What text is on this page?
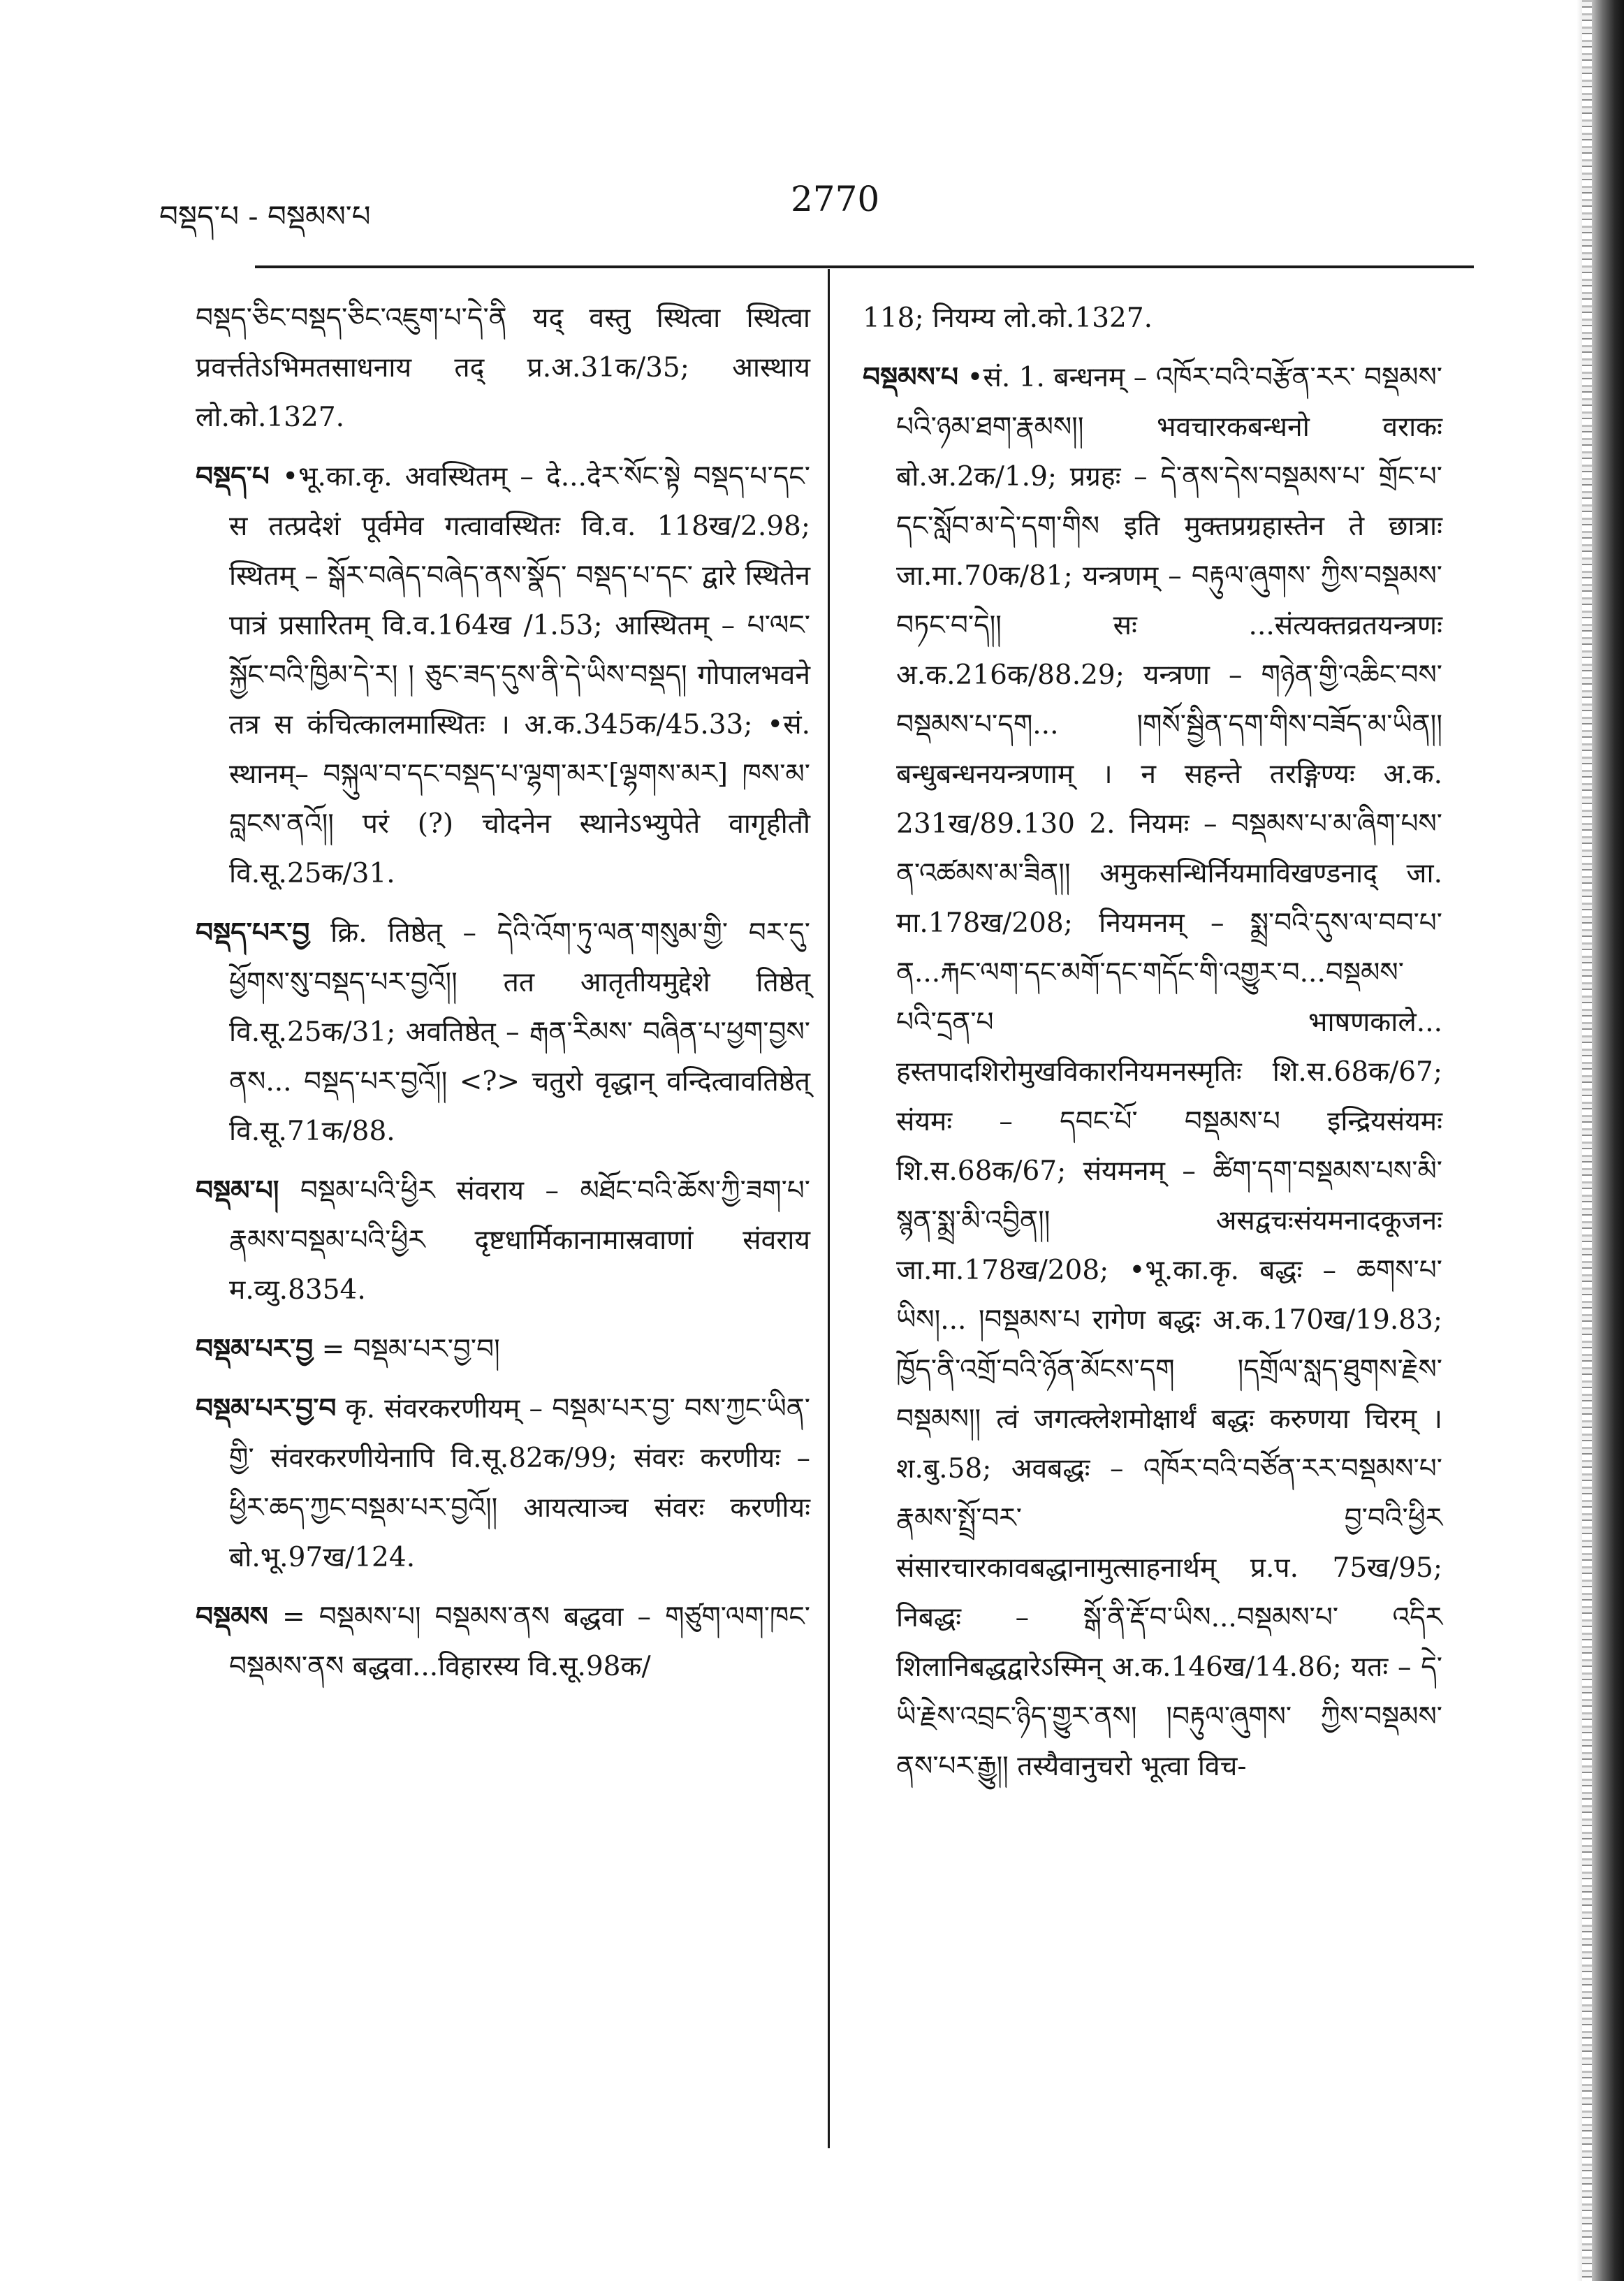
བསྡད་པ - བསྡམས་པ	2770

བསྡད་ཅིང་བསྡད་ཅིང་འཇུག་པ་དེ་ནི यद् वस्तु स्थित्वा स्थित्वा प्रवर्त्ततेऽभिमतसाधनाय तद् प्र.अ.31क/35; आस्थाय लो.को.1327.

བསྡད་པ •भू.का.कृ. अवस्थितम् – दे...देར་སོང་སྟེ བསྡད་པ་དང་ स तत्प्रदेशं पूर्वमेव गत्वावस्थितः वि.व. 118ख/2.98; स्थितम् – སྒོར་བཞེད་བཞེད་ནས་སྣོད་ བསྡད་པ་དང་ द्वारे स्थितेन पात्रं प्रसारितम् वि.व.164ख /1.53; आस्थितम् – པ་ལང་སྐྱོང་བའི་ཁྱིམ་དེ་ར། ། ཅུང་ཟད་དུས་ནི་དེ་ཡིས་བསྡད། गोपालभवने तत्र स कंचित्कालमास्थितः । अ.क.345क/45.33; •सं. स्थानम्– བསྐུལ་བ་དང་བསྡད་པ་ལྷག་མར་[ལྷགས་མར] ཁས་མ་བླངས་ནའོ།། परं (?) चोदनेन स्थानेऽभ्युपेते वागृहीतौ वि.सू.25क/31.

བསྡད་པར་བྱ क्रि. तिष्ठेत् – དེའི་འོག་ཏུ་ལན་གསུམ་གྱི་ བར་དུ་ཕྱོགས་སུ་བསྡད་པར་བྱའོ།། तत आतृतीयमुद्देशे तिष्ठेत् वि.सू.25क/31; अवतिष्ठेत् – རྒན་རིམས་ བཞིན་པ་ཕྱག་བྱས་ནས... བསྡད་པར་བྱའོ།། <?> चतुरो वृद्धान् वन्दित्वावतिष्ठेत् वि.सू.71क/88.

བསྡམ་པ། བསྡམ་པའི་ཕྱིར संवराय – མཐོང་བའི་ཆོས་ཀྱི་ཟག་པ་རྣམས་བསྡམ་པའི་ཕྱིར दृष्टधार्मिकानामास्रवाणां संवराय म.व्यु.8354.

བསྡམ་པར་བྱ = བསྡམ་པར་བྱ་བ།

བསྡམ་པར་བྱ་བ कृ. संवरकरणीयम् – བསྡམ་པར་བྱ་ བས་ཀྱང་ཡིན་གྱི་ संवरकरणीयेनापि वि.सू.82क/99; संवरः करणीयः – ཕྱིར་ཆད་ཀྱང་བསྡམ་པར་བྱའོ།། आयत्याञ्च संवरः करणीयः बो.भू.97ख/124.

བསྡམས = བསྡམས་པ། བསྡམས་ནས बद्धवा – གཙུག་ལག་ཁང་བསྡམས་ནས बद्धवा...विहारस्य वि.सू.98क/

118; नियम्य लो.को.1327.

བསྡམས་པ •सं. 1. बन्धनम् – འཁོར་བའི་བརྩོན་རར་ བསྡམས་པའི་ཉམ་ཐག་རྣམས།། भवचारकबन्धनो वराकः बो.अ.2क/1.9; प्रग्रहः – དེ་ནས་དེས་བསྡམས་པ་ གྲོང་པ་དང་སློབ་མ་དེ་དག་གིས इति मुक्तप्रग्रहास्तेन ते छात्राः जा.मा.70क/81; यन्त्रणम् – བརྟུལ་ཞུགས་ ཀྱིས་བསྡམས་བཏང་བ་དེ།། सः ...संत्यक्तव्रतयन्त्रणः अ.क.216क/88.29; यन्त्रणा – གཉེན་གྱི་འཆིང་བས་ བསྡམས་པ་དག... །གསོ་སྦྱིན་དག་གིས་བཟོད་མ་ཡིན།། बन्धुबन्धनयन्त्रणाम् । न सहन्ते तरङ्गिण्यः अ.क. 231ख/89.130 2. नियमः – བསྡམས་པ་མ་ཞིག་པས་ ན་འཚམས་མ་ཟིན།། अमुकसन्धिर्नियमाविखण्डनाद् जा. मा.178ख/208; नियमनम् – སྨྲ་བའི་དུས་ལ་བབ་པ་ ན...རྐང་ལག་དང་མགོ་དང་གདོང་གི་འགྱུར་བ...བསྡམས་ པའི་དྲན་པ भाषणकाले... हस्तपादशिरोमुखविकारनियमनस्मृतिः शि.स.68क/67; संयमः – དབང་པོ་ བསྡམས་པ इन्द्रियसंयमः शि.स.68क/67; संयमनम् – ཚིག་དག་བསྡམས་པས་མི་སྙན་སྨྲ་མི་འབྱིན།། असद्वचःसंयमनादकूजनः जा.मा.178ख/208; •भू.का.कृ. बद्धः – ཆགས་པ་ཡིས།... །བསྡམས་པ रागेण बद्धः अ.क.170ख/19.83; ཁྱོད་ནི་འགྲོ་བའི་ཉོན་མོངས་དག །དགྲོལ་སླད་ཐུགས་རྗེས་བསྡམས།། त्वं जगत्क्लेशमोक्षार्थं बद्धः करुणया चिरम् । श.बु.58; अवबद्धः – འཁོར་བའི་བཙོན་རར་བསྡམས་པ་རྣམས་སྤྲོ་བར་ བྱ་བའི་ཕྱིར संसारचारकावबद्धानामुत्साहनार्थम् प्र.प. 75ख/95; निबद्धः – སྒོ་ནི་རྡོ་བ་ཡིས...བསྡམས་པ་ འདིར शिलानिबद्धद्वारेऽस्मिन् अ.क.146ख/14.86; यतः – དེ་ཡི་རྗེས་འབྲང་ཉིད་གྱུར་ནས། །བརྟུལ་ཞུགས་ ཀྱིས་བསྡམས་ནས་པར་རྒྱུ།། तस्यैवानुचरो भूत्वा विच-
